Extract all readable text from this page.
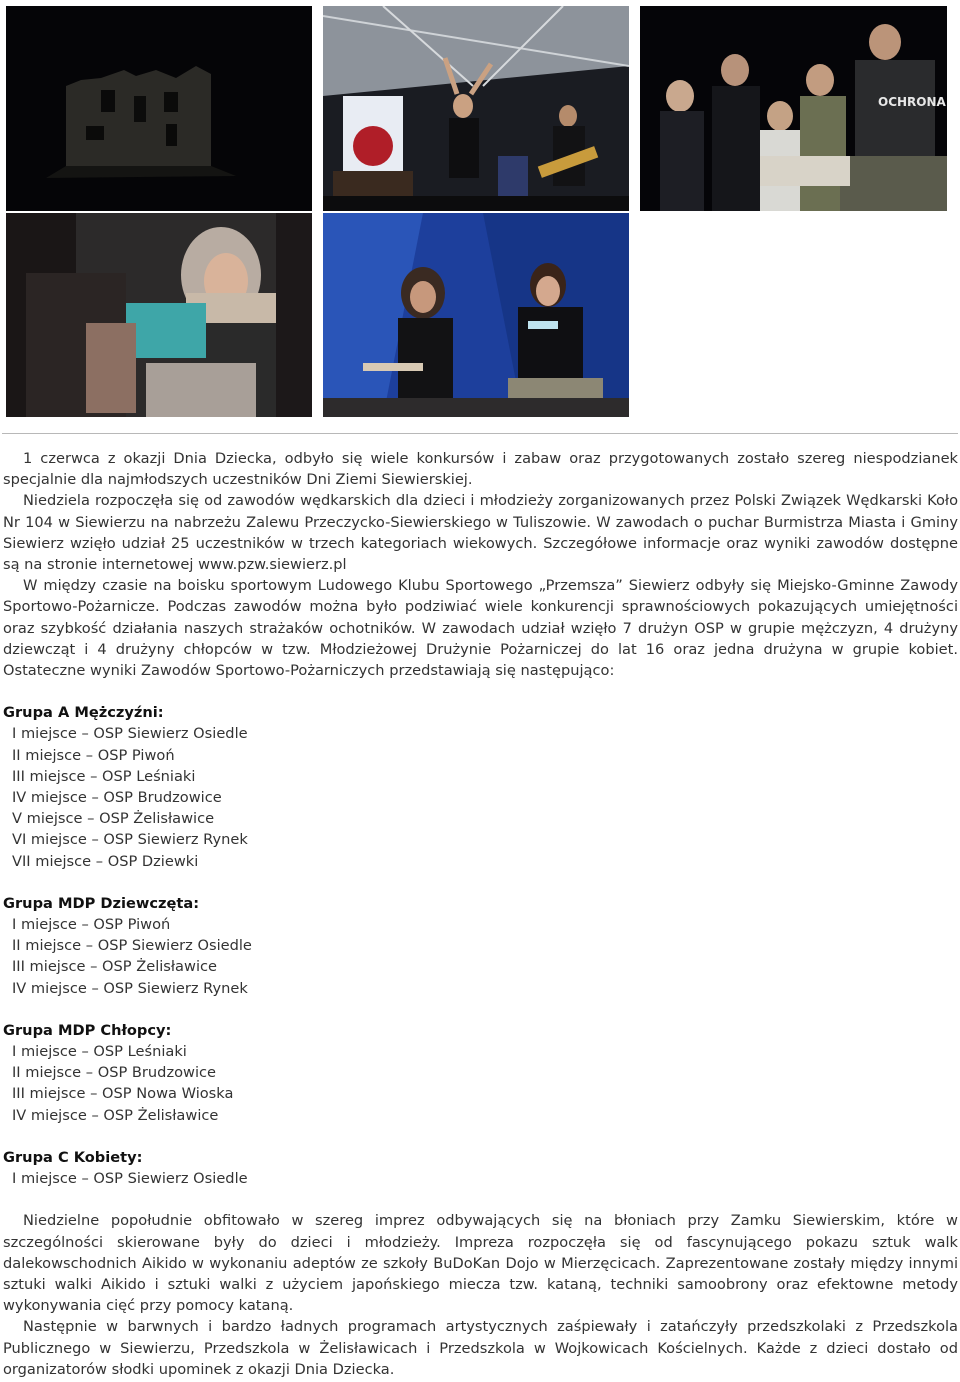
OCHRONA

1 czerwca z okazji Dnia Dziecka, odbyło się wiele konkursów i zabaw oraz przygotowanych zostało szereg niespodzianek specjalnie dla najmłodszych uczestników Dni Ziemi Siewierskiej.

Niedziela rozpoczęła się od zawodów wędkarskich dla dzieci i młodzieży zorganizowanych przez Polski Związek Wędkarski Koło Nr 104 w Siewierzu na nabrzeżu Zalewu Przeczycko-Siewierskiego w Tuliszowie. W zawodach o puchar Burmistrza Miasta i Gminy Siewierz wzięło udział 25 uczestników w trzech kategoriach wiekowych. Szczegółowe informacje oraz wyniki zawodów dostępne są na stronie internetowej www.pzw.siewierz.pl

W między czasie na boisku sportowym Ludowego Klubu Sportowego „Przemsza” Siewierz odbyły się Miejsko-Gminne Zawody Sportowo-Pożarnicze. Podczas zawodów można było podziwiać wiele konkurencji sprawnościowych pokazujących umiejętności oraz szybkość działania naszych strażaków ochotników. W zawodach udział wzięło 7 drużyn OSP w grupie mężczyzn, 4 drużyny dziewcząt i 4 drużyny chłopców w tzw. Młodzieżowej Drużynie Pożarniczej do lat 16 oraz jedna drużyna w grupie kobiet. Ostateczne wyniki Zawodów Sportowo-Pożarniczych przedstawiają się następująco:

Grupa A Mężczyźni:
I miejsce – OSP Siewierz Osiedle
II miejsce – OSP Piwoń
III miejsce – OSP Leśniaki
IV miejsce – OSP Brudzowice
V miejsce – OSP Żelisławice
VI miejsce – OSP Siewierz Rynek
VII miejsce – OSP Dziewki
Grupa MDP Dziewczęta:
I miejsce – OSP Piwoń
II miejsce – OSP Siewierz Osiedle
III miejsce – OSP Żelisławice
IV miejsce – OSP Siewierz Rynek
Grupa MDP Chłopcy:
I miejsce – OSP Leśniaki
II miejsce – OSP Brudzowice
III miejsce – OSP Nowa Wioska
IV miejsce – OSP Żelisławice
Grupa C Kobiety:
I miejsce – OSP Siewierz Osiedle

Niedzielne popołudnie obfitowało w szereg imprez odbywających się na błoniach przy Zamku Siewierskim, które w szczególności skierowane były do dzieci i młodzieży. Impreza rozpoczęła się od fascynującego pokazu sztuk walk dalekowschodnich Aikido w wykonaniu adeptów ze szkoły BuDoKan Dojo w Mierzęcicach. Zaprezentowane zostały między innymi sztuki walki Aikido i sztuki walki z użyciem japońskiego miecza tzw. kataną, techniki samoobrony oraz efektowne metody wykonywania cięć przy pomocy kataną.

Następnie w barwnych i bardzo ładnych programach artystycznych zaśpiewały i zatańczyły przedszkolaki z Przedszkola Publicznego w Siewierzu, Przedszkola w Żelisławicach i Przedszkola w Wojkowicach Kościelnych. Każde z dzieci dostało od organizatorów słodki upominek z okazji Dnia Dziecka.
